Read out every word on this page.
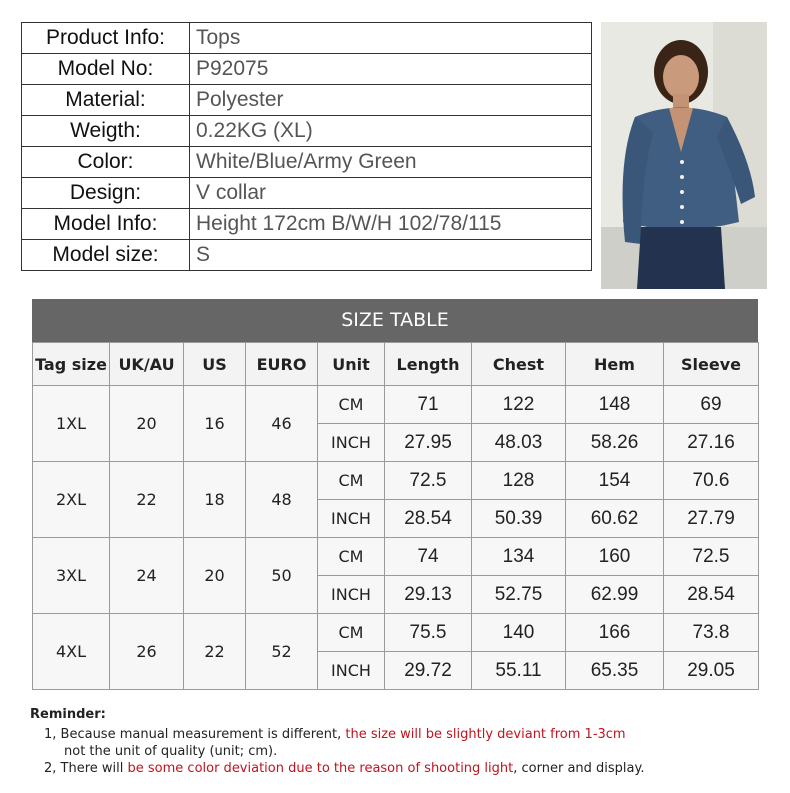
Product Info:	Tops
Model No:	P92075
Material:	Polyester
Weigth:	0.22KG (XL)
Color:	White/Blue/Army Green
Design:	V collar
Model Info:	Height 172cm B/W/H 102/78/115
Model size:	S
SIZE TABLE
Tag size	UK/AU	US	EURO	Unit	Length	Chest	Hem	Sleeve
1XL	20	16	46	CM	71	122	148	69
				INCH	27.95	48.03	58.26	27.16
2XL	22	18	48	CM	72.5	128	154	70.6
				INCH	28.54	50.39	60.62	27.79
3XL	24	20	50	CM	74	134	160	72.5
				INCH	29.13	52.75	62.99	28.54
4XL	26	22	52	CM	75.5	140	166	73.8
				INCH	29.72	55.11	65.35	29.05
Reminder:
1, Because manual measurement is different, the size will be slightly deviant from 1-3cm
not the unit of quality (unit; cm).
2, There will be some color deviation due to the reason of shooting light, corner and display.
